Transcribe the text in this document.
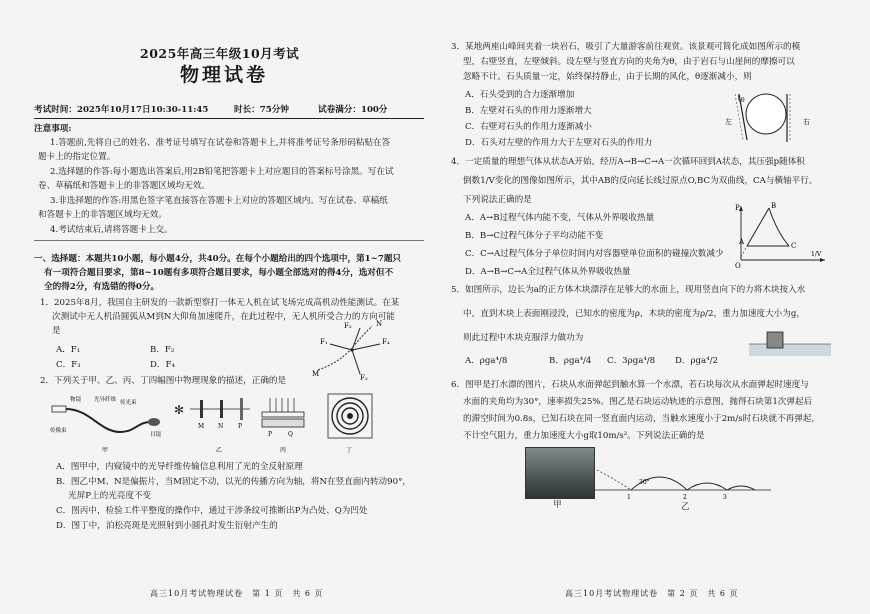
2025年高三年级10月考试
物理试卷
考试时间：2025年10月17日10:30-11:45	时长：75分钟	试卷满分：100分
注意事项:
1.答题前,先将自己的姓名、准考证号填写在试卷和答题卡上,并将准考证号条形码粘贴在答
题卡上的指定位置。
2.选择题的作答:每小题选出答案后,用2B铅笔把答题卡上对应题目的答案标号涂黑。写在试
卷、草稿纸和答题卡上的非答题区域均无效。
3.非选择题的作答:用黑色签字笔直接答在答题卡上对应的答题区域内。写在试卷、草稿纸
和答题卡上的非答题区域均无效。
4.考试结束后,请将答题卡上交。
一、选择题：本题共10小题，每小题4分，共40分。在每个小题给出的四个选项中，第1~7题只
有一项符合题目要求，第8~10题有多项符合题目要求，每小题全部选对的得4分，选对但不
全的得2分，有选错的得0分。
1．2025年8月，我国自主研发的一款新型察打一体无人机在试飞场完成高机动性能测试。在某
次测试中无人机沿圆弧从M到N大仰角加速爬升，在此过程中，无人机所受合力的方向可能
是
A．F₁	B．F₂
C．F₃	D．F₄
F₂
F₄
F₁
F₃
N
M
2．下列关于甲、乙、丙、丁四幅图中物理现象的描述，正确的是
物镜 光导纤维 传光束
传像束
目镜
甲
✻
M N P
乙
P	Q
丙	丁
A．图甲中，内窥镜中的光导纤维传输信息利用了光的全反射原理
B．图乙中M、N是偏振片，当M固定不动，以光的传播方向为轴，将N在竖直面内转动90°，
光屏P上的光亮度不变
C．图丙中，检验工件平整度的操作中，通过干涉条纹可推断出P为凸处、Q为凹处
D．图丁中，泊松亮斑是光照射到小圆孔时发生衍射产生的
高三10月考试物理试卷　第 1 页　共 6 页
3．某地两座山峰间夹着一块岩石，吸引了大量游客前往观赏。该景观可简化成如图所示的模
型，右壁竖直，左壁倾斜。设左壁与竖直方向的夹角为θ，由于岩石与山崖间的摩擦可以
忽略不计。石头质量一定，始终保持静止，由于长期的风化，θ逐渐减小，则
A．石头受到的合力逐渐增加
B．左壁对石头的作用力逐渐增大
C．右壁对石头的作用力逐渐减小
D．石头对左壁的作用力大于左壁对石头的作用力
θ
左	右
4．一定质量的理想气体从状态A开始，经历A→B→C→A一次循环回到A状态，其压强p随体积
倒数1/V变化的图像如图所示，其中AB的反向延长线过原点O,BC为双曲线，CA与横轴平行。
下列说法正确的是
A．A→B过程气体内能不变，气体从外界吸收热量
B．B→C过程气体分子平均动能不变
C．C→A过程气体分子单位时间内对容器壁单位面积的碰撞次数减少
D．A→B→C→A全过程气体从外界吸收热量
P
O
A
B
C
1/V
5．如图所示，边长为a的正方体木块漂浮在足够大的水面上，现用竖直向下的力将木块按入水
中，直到木块上表面刚浸没，已知水的密度为ρ，木块的密度为ρ/2，重力加速度大小为g，
则此过程中木块克服浮力做功为
A．ρga⁴/8	B．ρga⁴/4 C．3ρga⁴/8 D．ρga⁴/2
6．图甲是打水漂的图片，石块从水面弹起到触水算一个水漂，若石块每次从水面弹起时速度与
水面的夹角均为30°，速率损失25%。图乙是石块运动轨迹的示意图，抛得石块第1次弹起后
的滞空时间为0.8s，已知石块在同一竖直面内运动，当触水速度小于2m/s时石块就不再弹起，
不计空气阻力，重力加速度大小g取10m/s²。下列说法正确的是
甲
30°
1	2	3
乙
高三10月考试物理试卷　第 2 页　共 6 页
